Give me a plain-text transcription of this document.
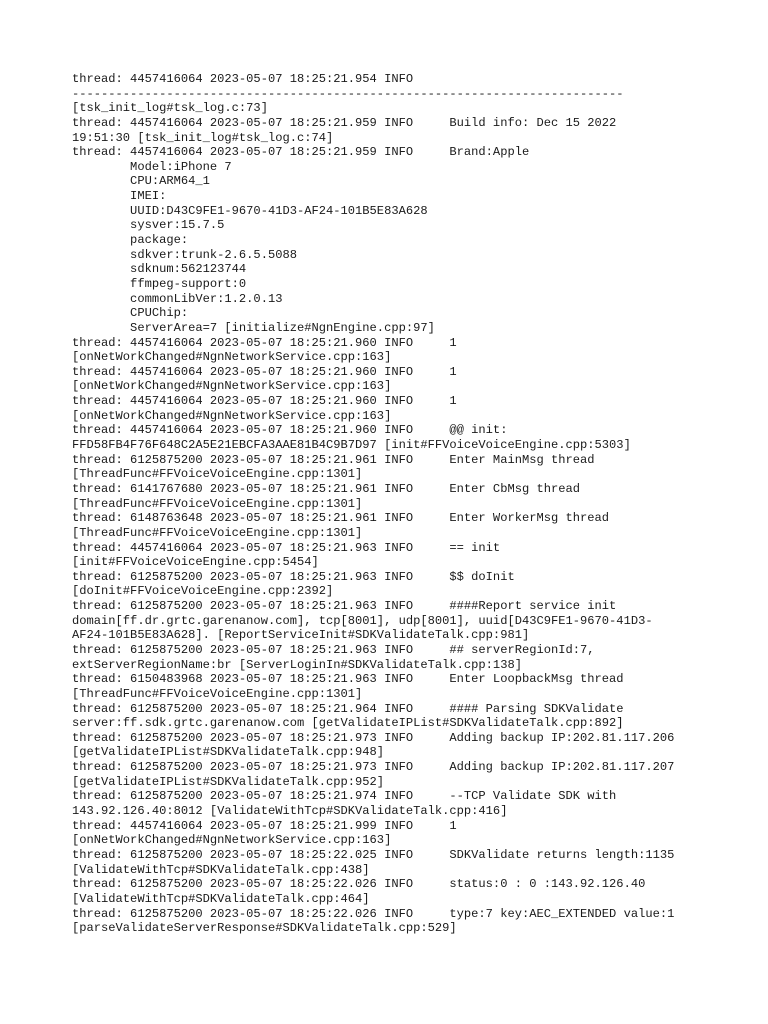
thread: 4457416064 2023-05-07 18:25:21.954 INFO
----------------------------------------------------------------------------
[tsk_init_log#tsk_log.c:73]
thread: 4457416064 2023-05-07 18:25:21.959 INFO     Build info: Dec 15 2022
19:51:30 [tsk_init_log#tsk_log.c:74]
thread: 4457416064 2023-05-07 18:25:21.959 INFO     Brand:Apple
Model:iPhone 7
CPU:ARM64_1
IMEI:
UUID:D43C9FE1-9670-41D3-AF24-101B5E83A628
sysver:15.7.5
package:
sdkver:trunk-2.6.5.5088
sdknum:562123744
ffmpeg-support:0
commonLibVer:1.2.0.13
CPUChip:
ServerArea=7 [initialize#NgnEngine.cpp:97]
thread: 4457416064 2023-05-07 18:25:21.960 INFO     1
[onNetWorkChanged#NgnNetworkService.cpp:163]
thread: 4457416064 2023-05-07 18:25:21.960 INFO     1
[onNetWorkChanged#NgnNetworkService.cpp:163]
thread: 4457416064 2023-05-07 18:25:21.960 INFO     1
[onNetWorkChanged#NgnNetworkService.cpp:163]
thread: 4457416064 2023-05-07 18:25:21.960 INFO     @@ init:
FFD58FB4F76F648C2A5E21EBCFA3AAE81B4C9B7D97 [init#FFVoiceVoiceEngine.cpp:5303]
thread: 6125875200 2023-05-07 18:25:21.961 INFO     Enter MainMsg thread
[ThreadFunc#FFVoiceVoiceEngine.cpp:1301]
thread: 6141767680 2023-05-07 18:25:21.961 INFO     Enter CbMsg thread
[ThreadFunc#FFVoiceVoiceEngine.cpp:1301]
thread: 6148763648 2023-05-07 18:25:21.961 INFO     Enter WorkerMsg thread
[ThreadFunc#FFVoiceVoiceEngine.cpp:1301]
thread: 4457416064 2023-05-07 18:25:21.963 INFO     == init
[init#FFVoiceVoiceEngine.cpp:5454]
thread: 6125875200 2023-05-07 18:25:21.963 INFO     $$ doInit
[doInit#FFVoiceVoiceEngine.cpp:2392]
thread: 6125875200 2023-05-07 18:25:21.963 INFO     ####Report service init
domain[ff.dr.grtc.garenanow.com], tcp[8001], udp[8001], uuid[D43C9FE1-9670-41D3-
AF24-101B5E83A628]. [ReportServiceInit#SDKValidateTalk.cpp:981]
thread: 6125875200 2023-05-07 18:25:21.963 INFO     ## serverRegionId:7,
extServerRegionName:br [ServerLoginIn#SDKValidateTalk.cpp:138]
thread: 6150483968 2023-05-07 18:25:21.963 INFO     Enter LoopbackMsg thread
[ThreadFunc#FFVoiceVoiceEngine.cpp:1301]
thread: 6125875200 2023-05-07 18:25:21.964 INFO     #### Parsing SDKValidate
server:ff.sdk.grtc.garenanow.com [getValidateIPList#SDKValidateTalk.cpp:892]
thread: 6125875200 2023-05-07 18:25:21.973 INFO     Adding backup IP:202.81.117.206
[getValidateIPList#SDKValidateTalk.cpp:948]
thread: 6125875200 2023-05-07 18:25:21.973 INFO     Adding backup IP:202.81.117.207
[getValidateIPList#SDKValidateTalk.cpp:952]
thread: 6125875200 2023-05-07 18:25:21.974 INFO     --TCP Validate SDK with
143.92.126.40:8012 [ValidateWithTcp#SDKValidateTalk.cpp:416]
thread: 4457416064 2023-05-07 18:25:21.999 INFO     1
[onNetWorkChanged#NgnNetworkService.cpp:163]
thread: 6125875200 2023-05-07 18:25:22.025 INFO     SDKValidate returns length:1135
[ValidateWithTcp#SDKValidateTalk.cpp:438]
thread: 6125875200 2023-05-07 18:25:22.026 INFO     status:0 : 0 :143.92.126.40
[ValidateWithTcp#SDKValidateTalk.cpp:464]
thread: 6125875200 2023-05-07 18:25:22.026 INFO     type:7 key:AEC_EXTENDED value:1
[parseValidateServerResponse#SDKValidateTalk.cpp:529]
